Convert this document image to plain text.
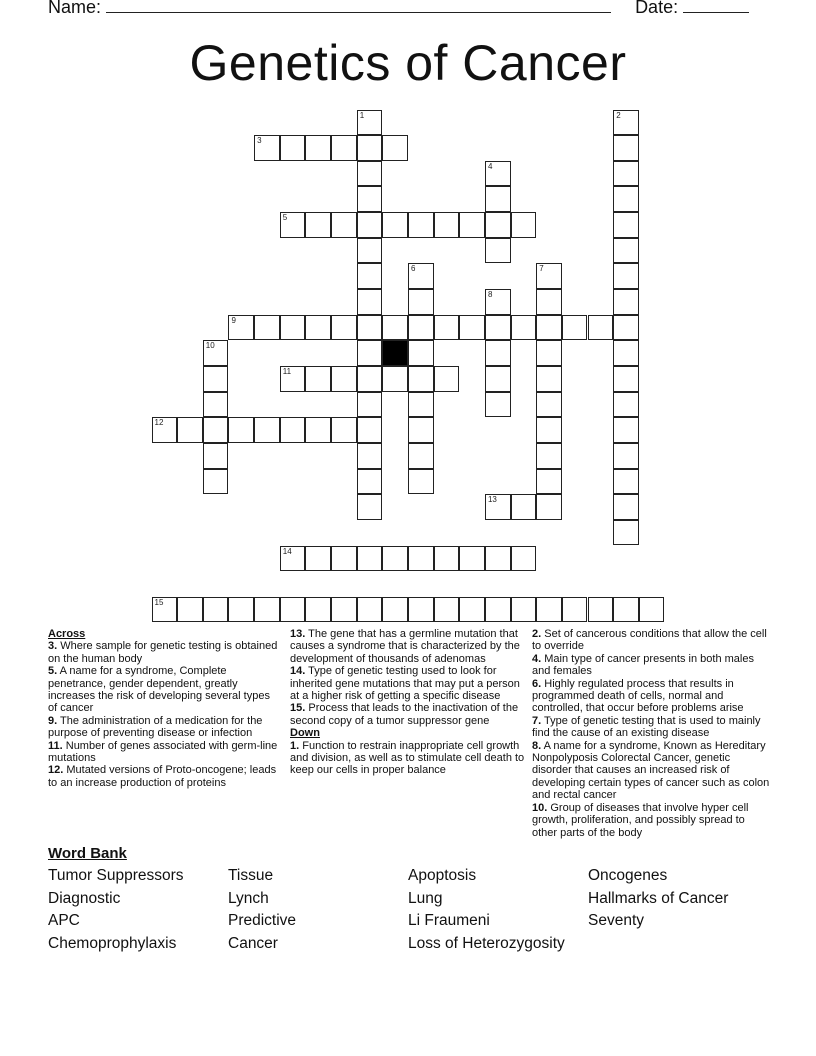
Name:	Date:
Genetics of Cancer
1	2
3
4
5
6	7
8
9
10
11
12
13
14
15

Across

3. Where sample for genetic testing is obtained on the human body

5. A name for a syndrome, Complete penetrance, gender dependent, greatly increases the risk of developing several types of cancer

9. The administration of a medication for the purpose of preventing disease or infection

11. Number of genes associated with germ-line mutations

12. Mutated versions of Proto-oncogene; leads to an increase production of proteins

13. The gene that has a germline mutation that causes a syndrome that is characterized by the development of thousands of adenomas

14. Type of genetic testing used to look for inherited gene mutations that may put a person at a higher risk of getting a specific disease

15. Process that leads to the inactivation of the second copy of a tumor suppressor gene

Down

1. Function to restrain inappropriate cell growth and division, as well as to stimulate cell death to keep our cells in proper balance

2. Set of cancerous conditions that allow the cell to override

4. Main type of cancer presents in both males and females

6. Highly regulated process that results in programmed death of cells, normal and controlled, that occur before problems arise

7. Type of genetic testing that is used to mainly find the cause of an existing disease

8. A name for a syndrome, Known as Hereditary Nonpolyposis Colorectal Cancer, genetic disorder that causes an increased risk of developing certain types of cancer such as colon and rectal cancer

10. Group of diseases that involve hyper cell growth, proliferation, and possibly spread to other parts of the body

Word Bank
Tumor Suppressors
Diagnostic
APC
Chemoprophylaxis
Tissue
Lynch
Predictive
Cancer
Apoptosis
Lung
Li Fraumeni
Loss of Heterozygosity
Oncogenes
Hallmarks of Cancer
Seventy
